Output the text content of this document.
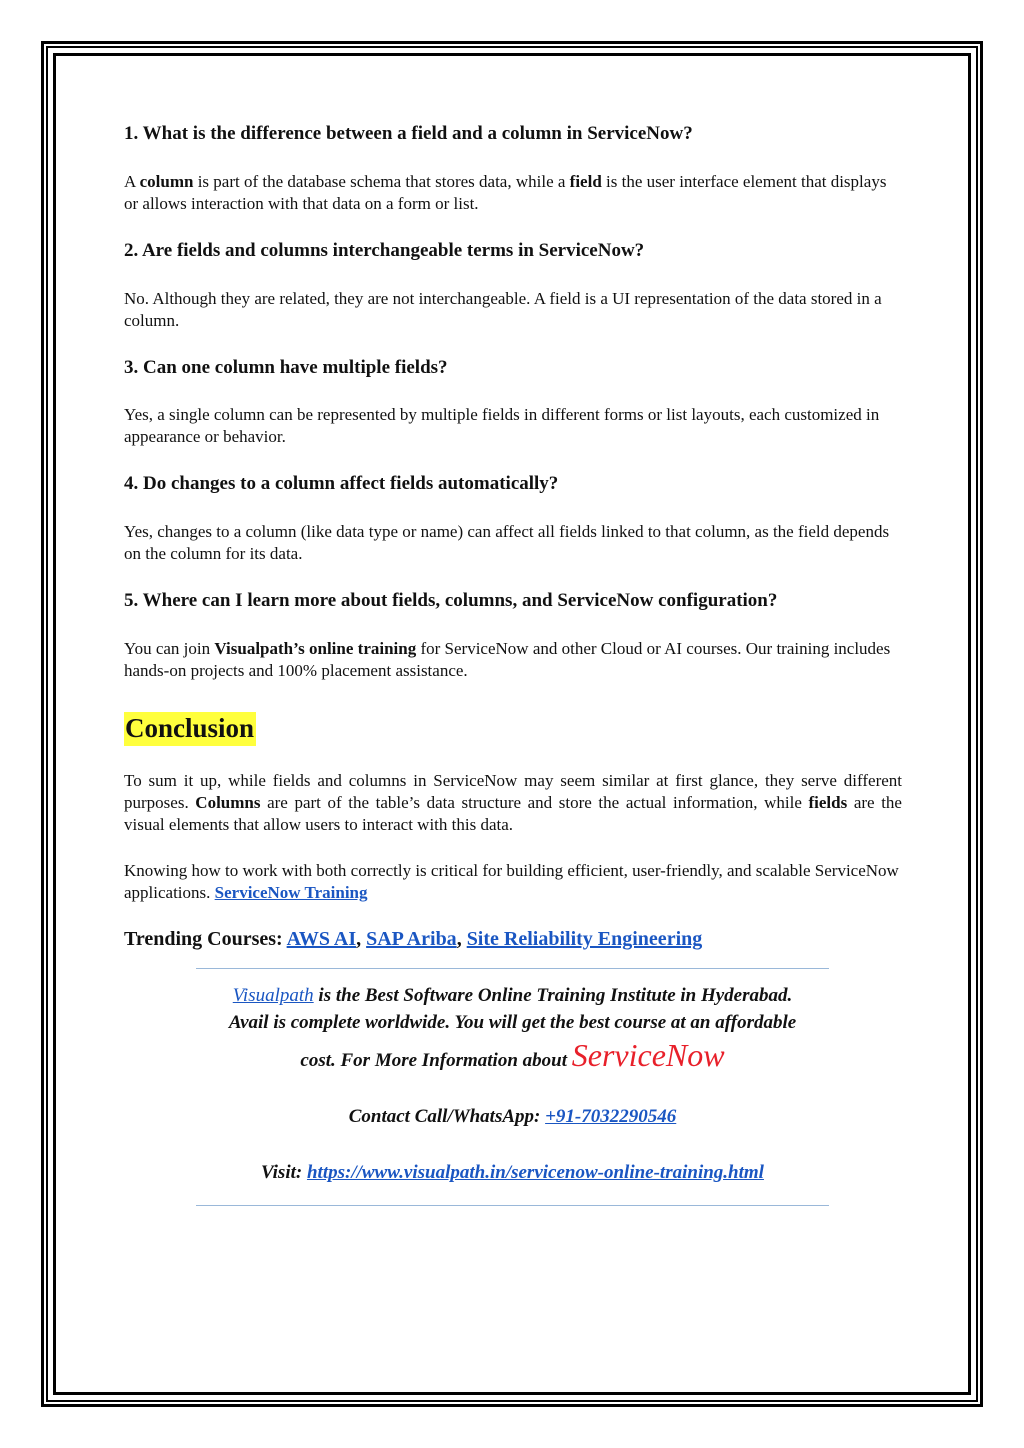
1. What is the difference between a field and a column in ServiceNow?
A column is part of the database schema that stores data, while a field is the user interface element that displays or allows interaction with that data on a form or list.
2. Are fields and columns interchangeable terms in ServiceNow?
No. Although they are related, they are not interchangeable. A field is a UI representation of the data stored in a column.
3. Can one column have multiple fields?
Yes, a single column can be represented by multiple fields in different forms or list layouts, each customized in appearance or behavior.
4. Do changes to a column affect fields automatically?
Yes, changes to a column (like data type or name) can affect all fields linked to that column, as the field depends on the column for its data.
5. Where can I learn more about fields, columns, and ServiceNow configuration?
You can join Visualpath’s online training for ServiceNow and other Cloud or AI courses. Our training includes hands-on projects and 100% placement assistance.
Conclusion
To sum it up, while fields and columns in ServiceNow may seem similar at first glance, they serve different purposes. Columns are part of the table’s data structure and store the actual information, while fields are the visual elements that allow users to interact with this data.
Knowing how to work with both correctly is critical for building efficient, user-friendly, and scalable ServiceNow applications. ServiceNow Training
Trending Courses: AWS AI, SAP Ariba, Site Reliability Engineering
Visualpath is the Best Software Online Training Institute in Hyderabad.
Avail is complete worldwide. You will get the best course at an affordable
cost. For More Information about ServiceNow
Contact Call/WhatsApp: +91-7032290546
Visit: https://www.visualpath.in/servicenow-online-training.html
